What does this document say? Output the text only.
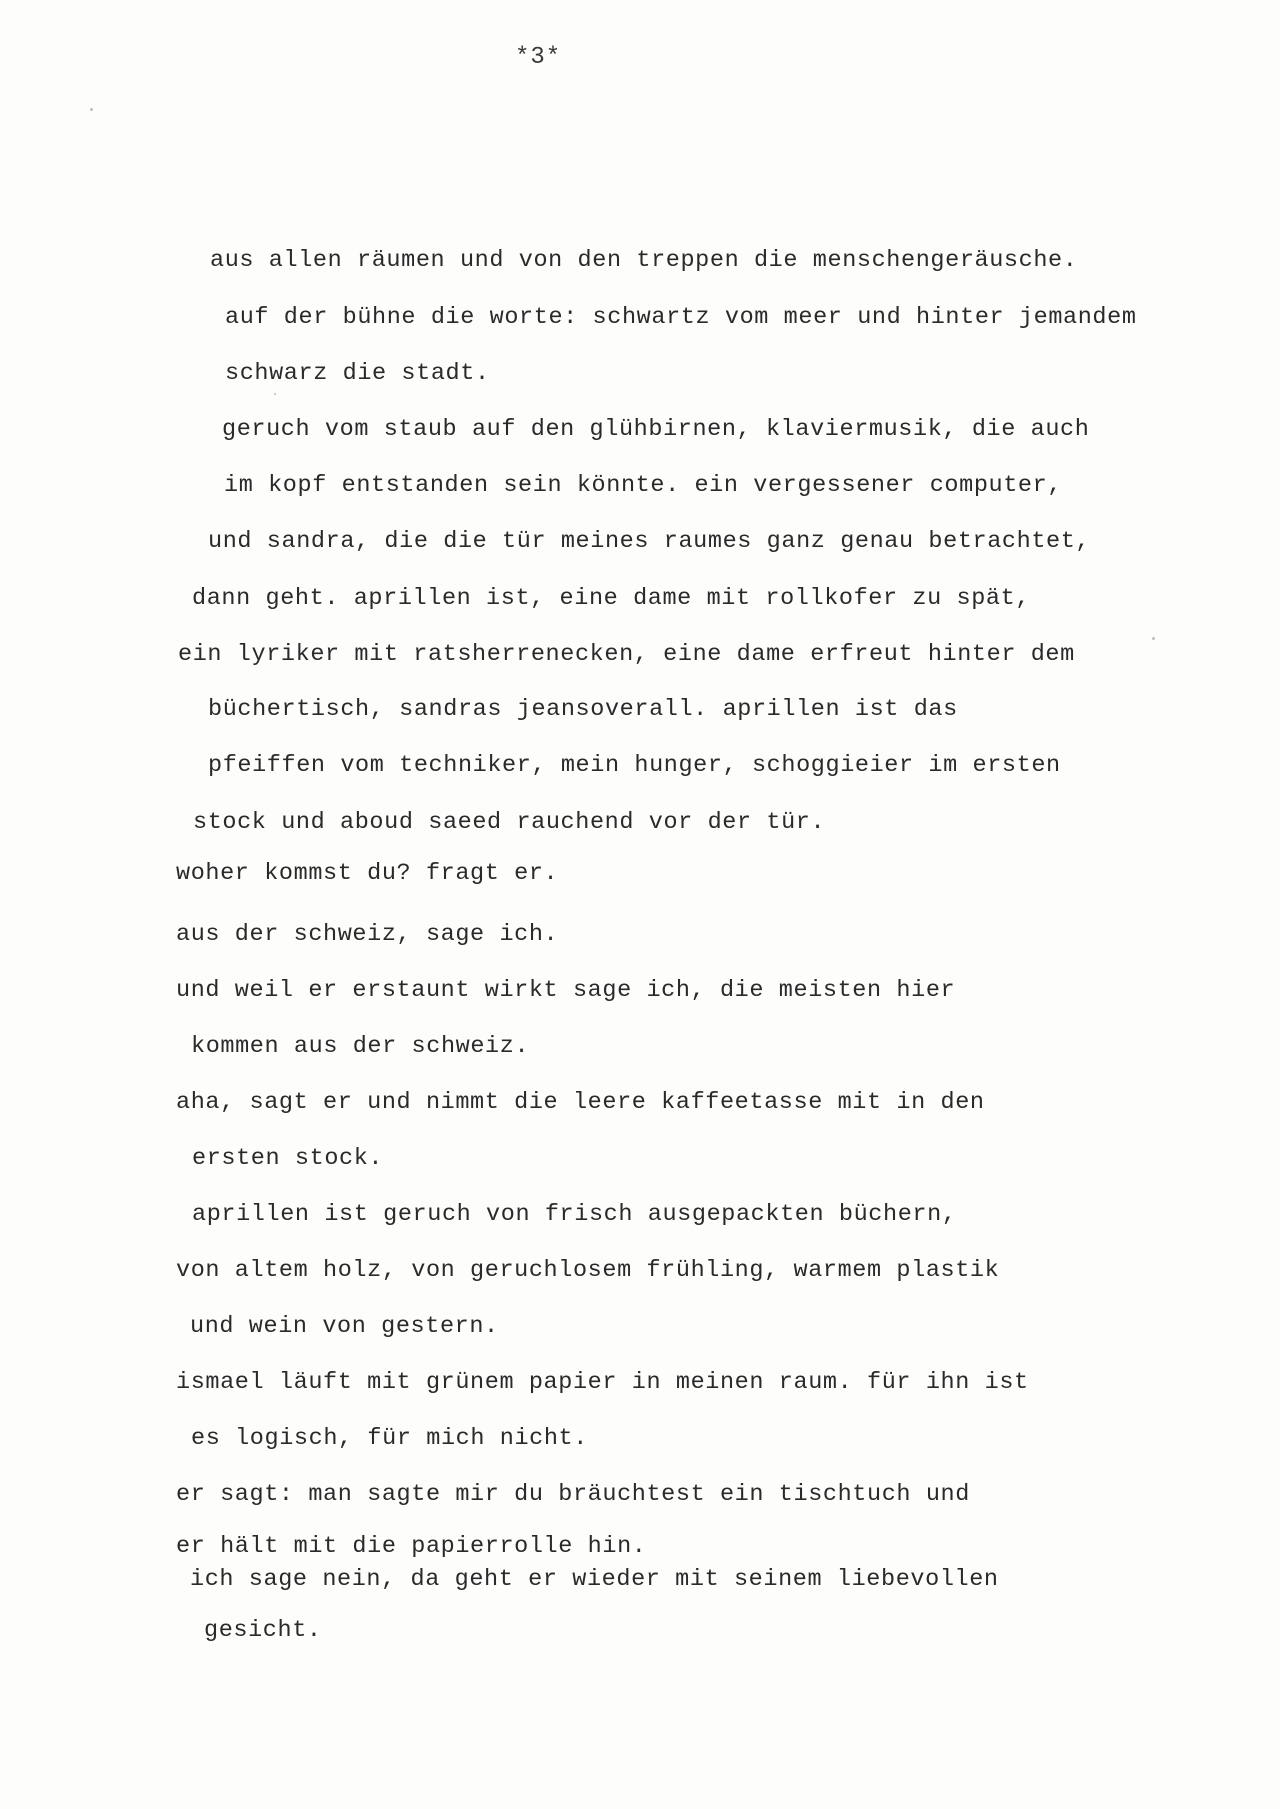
*3*
aus allen räumen und von den treppen die menschengeräusche.
auf der bühne die worte: schwartz vom meer und hinter jemandem
schwarz die stadt.
geruch vom staub auf den glühbirnen, klaviermusik, die auch
im kopf entstanden sein könnte. ein vergessener computer,
und sandra, die die tür meines raumes ganz genau betrachtet,
dann geht. aprillen ist, eine dame mit rollkofer zu spät,
ein lyriker mit ratsherrenecken, eine dame erfreut hinter dem
büchertisch, sandras jeansoverall. aprillen ist das
pfeiffen vom techniker, mein hunger, schoggieier im ersten
stock und aboud saeed rauchend vor der tür.
woher kommst du? fragt er.
aus der schweiz, sage ich.
und weil er erstaunt wirkt sage ich, die meisten hier
kommen aus der schweiz.
aha, sagt er und nimmt die leere kaffeetasse mit in den
ersten stock.
aprillen ist geruch von frisch ausgepackten büchern,
von altem holz, von geruchlosem frühling, warmem plastik
und wein von gestern.
ismael läuft mit grünem papier in meinen raum. für ihn ist
es logisch, für mich nicht.
er sagt: man sagte mir du bräuchtest ein tischtuch und
er hält mit die papierrolle hin.
ich sage nein, da geht er wieder mit seinem liebevollen
gesicht.
